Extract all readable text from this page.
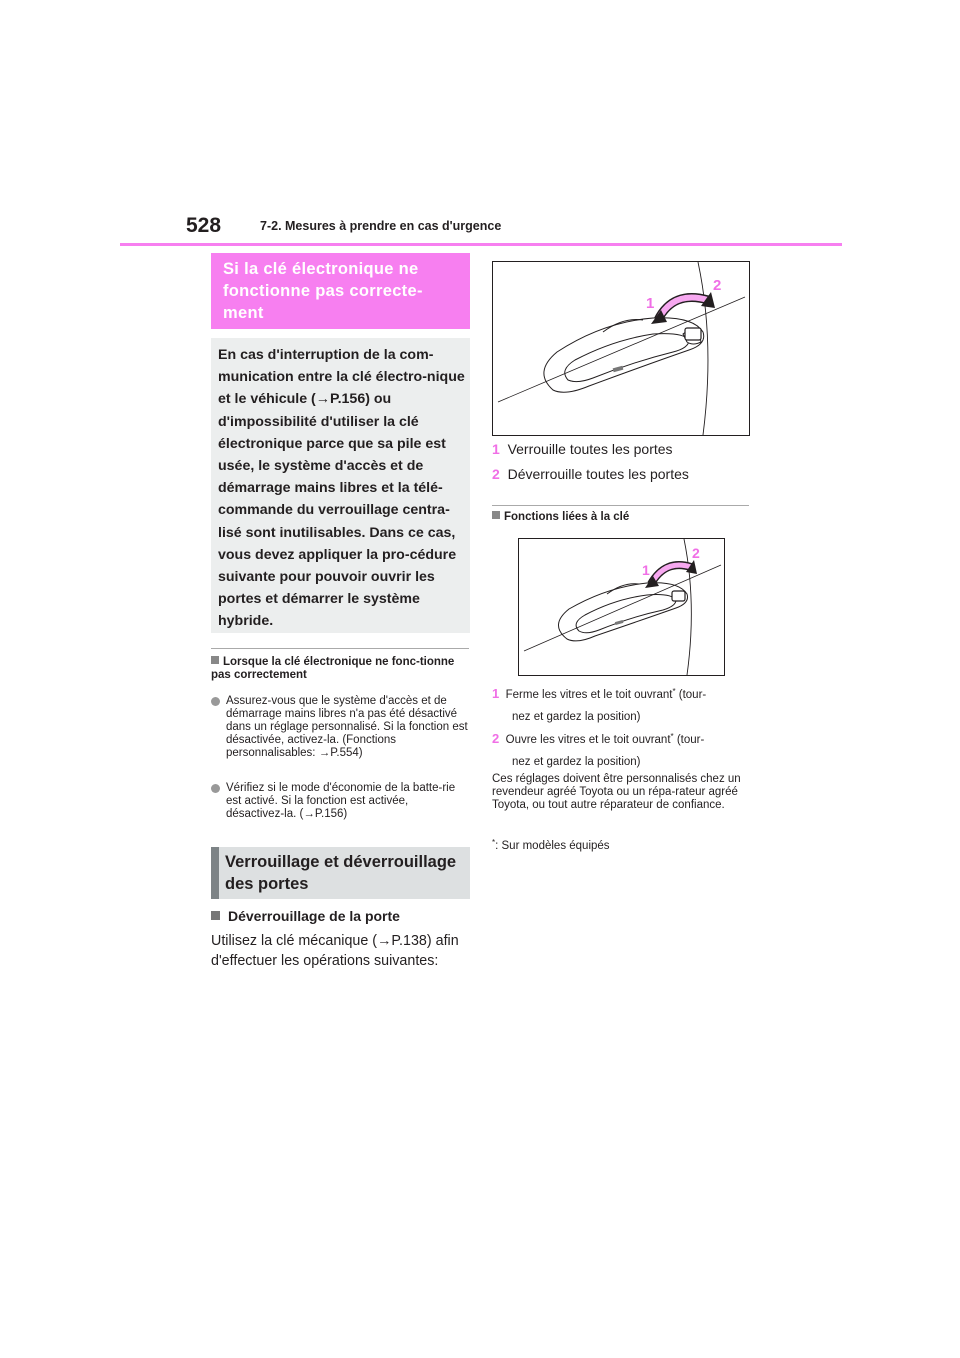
528	7-2. Mesures à prendre en cas d'urgence
Si la clé électronique ne fonctionne pas correcte-ment
En cas d'interruption de la com-munication entre la clé électro-nique et le véhicule (→P.156) ou d'impossibilité d'utiliser la clé électronique parce que sa pile est usée, le système d'accès et de démarrage mains libres et la télé-commande du verrouillage centra-lisé sont inutilisables. Dans ce cas, vous devez appliquer la pro-cédure suivante pour pouvoir ouvrir les portes et démarrer le système hybride.
Lorsque la clé électronique ne fonc-tionne pas correctement
Assurez-vous que le système d'accès et de démarrage mains libres n'a pas été désactivé dans un réglage personnalisé. Si la fonction est désactivée, activez-la. (Fonctions personnalisables: →P.554)
Vérifiez si le mode d'économie de la batte-rie est activé. Si la fonction est activée, désactivez-la. (→P.156)
Verrouillage et déverrouillage des portes
Déverrouillage de la porte
Utilisez la clé mécanique (→P.138) afin d'effectuer les opérations suivantes:
1
2
1 Verrouille toutes les portes
2 Déverrouille toutes les portes
Fonctions liées à la clé
1
2
1 Ferme les vitres et le toit ouvrant* (tour-
nez et gardez la position)
2 Ouvre les vitres et le toit ouvrant* (tour-
nez et gardez la position)
Ces réglages doivent être personnalisés chez un revendeur agréé Toyota ou un répa-rateur agréé Toyota, ou tout autre réparateur de confiance.
*: Sur modèles équipés
